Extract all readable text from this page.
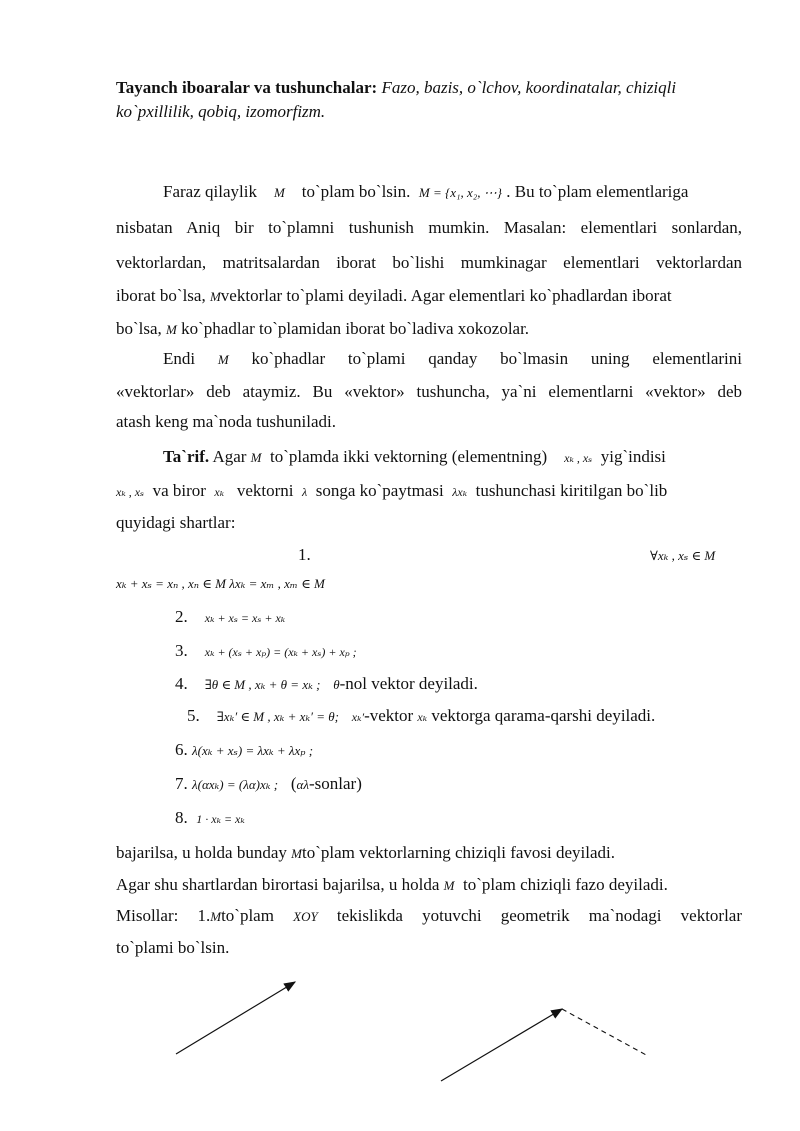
Tayanch iboaralar va tushunchalar: Fazo, bazis, o`lchov, koordinatalar, chiziqli
ko`pxillilik, qobiq, izomorfizm.
Faraz qilaylik M to`plam bo`lsin. M = {x₁, x₂, ⋯} . Bu to`plam elementlariga
nisbatan Aniq bir to`plamni tushunish mumkin. Masalan: elementlari sonlardan,
vektorlardan, matritsalardan iborat bo`lishi mumkinagar elementlari vektorlardan
iborat bo`lsa, Mvektorlar to`plami deyiladi. Agar elementlari ko`phadlardan iborat
bo`lsa, M ko`phadlar to`plamidan iborat bo`ladiva xokozolar.
Endi M ko`phadlar to`plami qanday bo`lmasin uning elementlarini
«vektorlar» deb ataymiz. Bu «vektor» tushuncha, ya`ni elementlarni «vektor» deb
atash keng ma`noda tushuniladi.
Ta`rif. Agar M to`plamda ikki vektorning (elementning) xₖ , xₛ yig`indisi
xₖ , xₛ va biror xₖ vektorni λ songa ko`paytmasi λxₖ tushunchasi kiritilgan bo`lib
quyidagi shartlar:
1.	∀xₖ , xₛ ∈ M
xₖ + xₛ = xₙ , xₙ ∈ M λxₖ = xₘ , xₘ ∈ M
2. xₖ + xₛ = xₛ + xₖ
3. xₖ + (xₛ + xₚ) = (xₖ + xₛ) + xₚ ;
4. ∃θ ∈ M , xₖ + θ = xₖ ; θ-nol vektor deyiladi.
5. ∃xₖ′ ∈ M , xₖ + xₖ′ = θ; xₖ′-vektor xₖ vektorga qarama-qarshi deyiladi.
6. λ(xₖ + xₛ) = λxₖ + λxₚ ;
7. λ(αxₖ) = (λα)xₖ ; (αλ-sonlar)
8. 1 · xₖ = xₖ
bajarilsa, u holda bunday Mto`plam vektorlarning chiziqli favosi deyiladi.
Agar shu shartlardan birortasi bajarilsa, u holda M to`plam chiziqli fazo deyiladi.
Misollar: 1.Mto`plam XOY tekislikda yotuvchi geometrik ma`nodagi vektorlar
to`plami bo`lsin.
